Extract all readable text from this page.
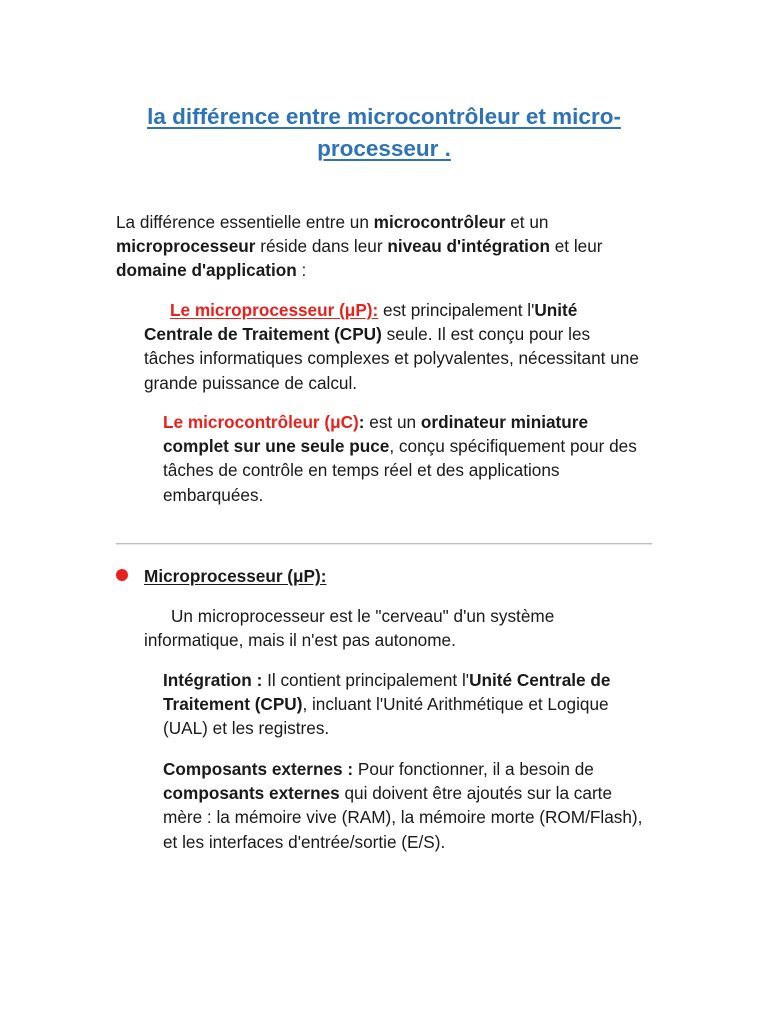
la différence entre microcontrôleur et micro-processeur .

La différence essentielle entre un microcontrôleur et un microprocesseur réside dans leur niveau d'intégration et leur domaine d'application :

Le microprocesseur (μP): est principalement l'Unité Centrale de Traitement (CPU) seule. Il est conçu pour les tâches informatiques complexes et polyvalentes, nécessitant une grande puissance de calcul.

Le microcontrôleur (μC): est un ordinateur miniature complet sur une seule puce, conçu spécifiquement pour des tâches de contrôle en temps réel et des applications embarquées.

Microprocesseur (μP):

Un microprocesseur est le "cerveau" d'un système informatique, mais il n'est pas autonome.

Intégration : Il contient principalement l'Unité Centrale de Traitement (CPU), incluant l'Unité Arithmétique et Logique (UAL) et les registres.

Composants externes : Pour fonctionner, il a besoin de composants externes qui doivent être ajoutés sur la carte mère : la mémoire vive (RAM), la mémoire morte (ROM/Flash), et les interfaces d'entrée/sortie (E/S).
